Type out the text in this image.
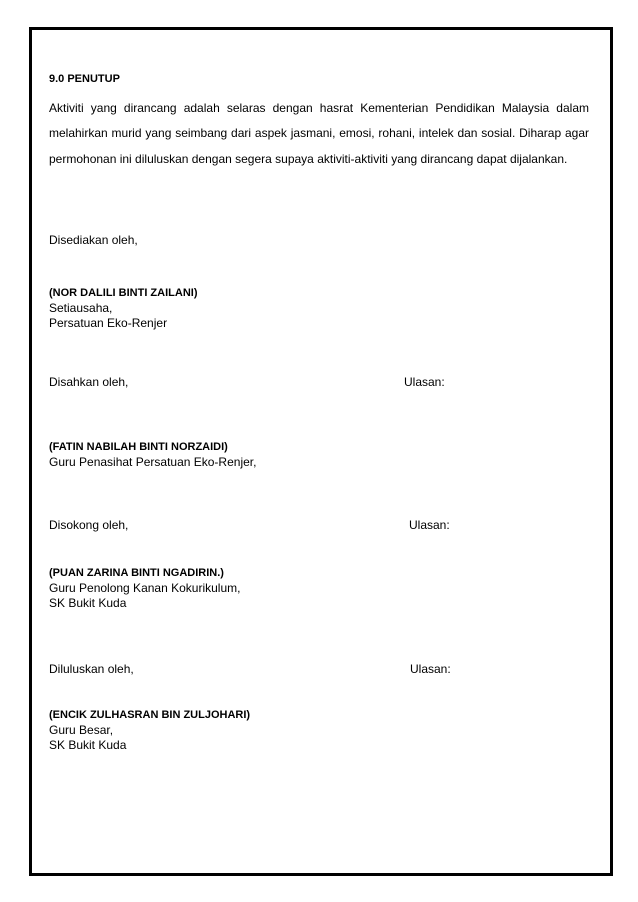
9.0 PENUTUP
Aktiviti yang dirancang adalah selaras dengan hasrat Kementerian Pendidikan Malaysia dalam melahirkan murid yang seimbang dari aspek jasmani, emosi, rohani, intelek dan sosial. Diharap agar permohonan ini diluluskan dengan segera supaya aktiviti-aktiviti yang dirancang dapat dijalankan.
Disediakan oleh,
(NOR DALILI BINTI ZAILANI)
Setiausaha,
Persatuan Eko-Renjer
Disahkan oleh,	Ulasan:
(FATIN NABILAH BINTI NORZAIDI)
Guru Penasihat Persatuan Eko-Renjer,
Disokong oleh,	Ulasan:
(PUAN ZARINA BINTI NGADIRIN.)
Guru Penolong Kanan Kokurikulum,
SK Bukit Kuda
Diluluskan oleh,	Ulasan:
(ENCIK ZULHASRAN BIN ZULJOHARI)
Guru Besar,
SK Bukit Kuda
